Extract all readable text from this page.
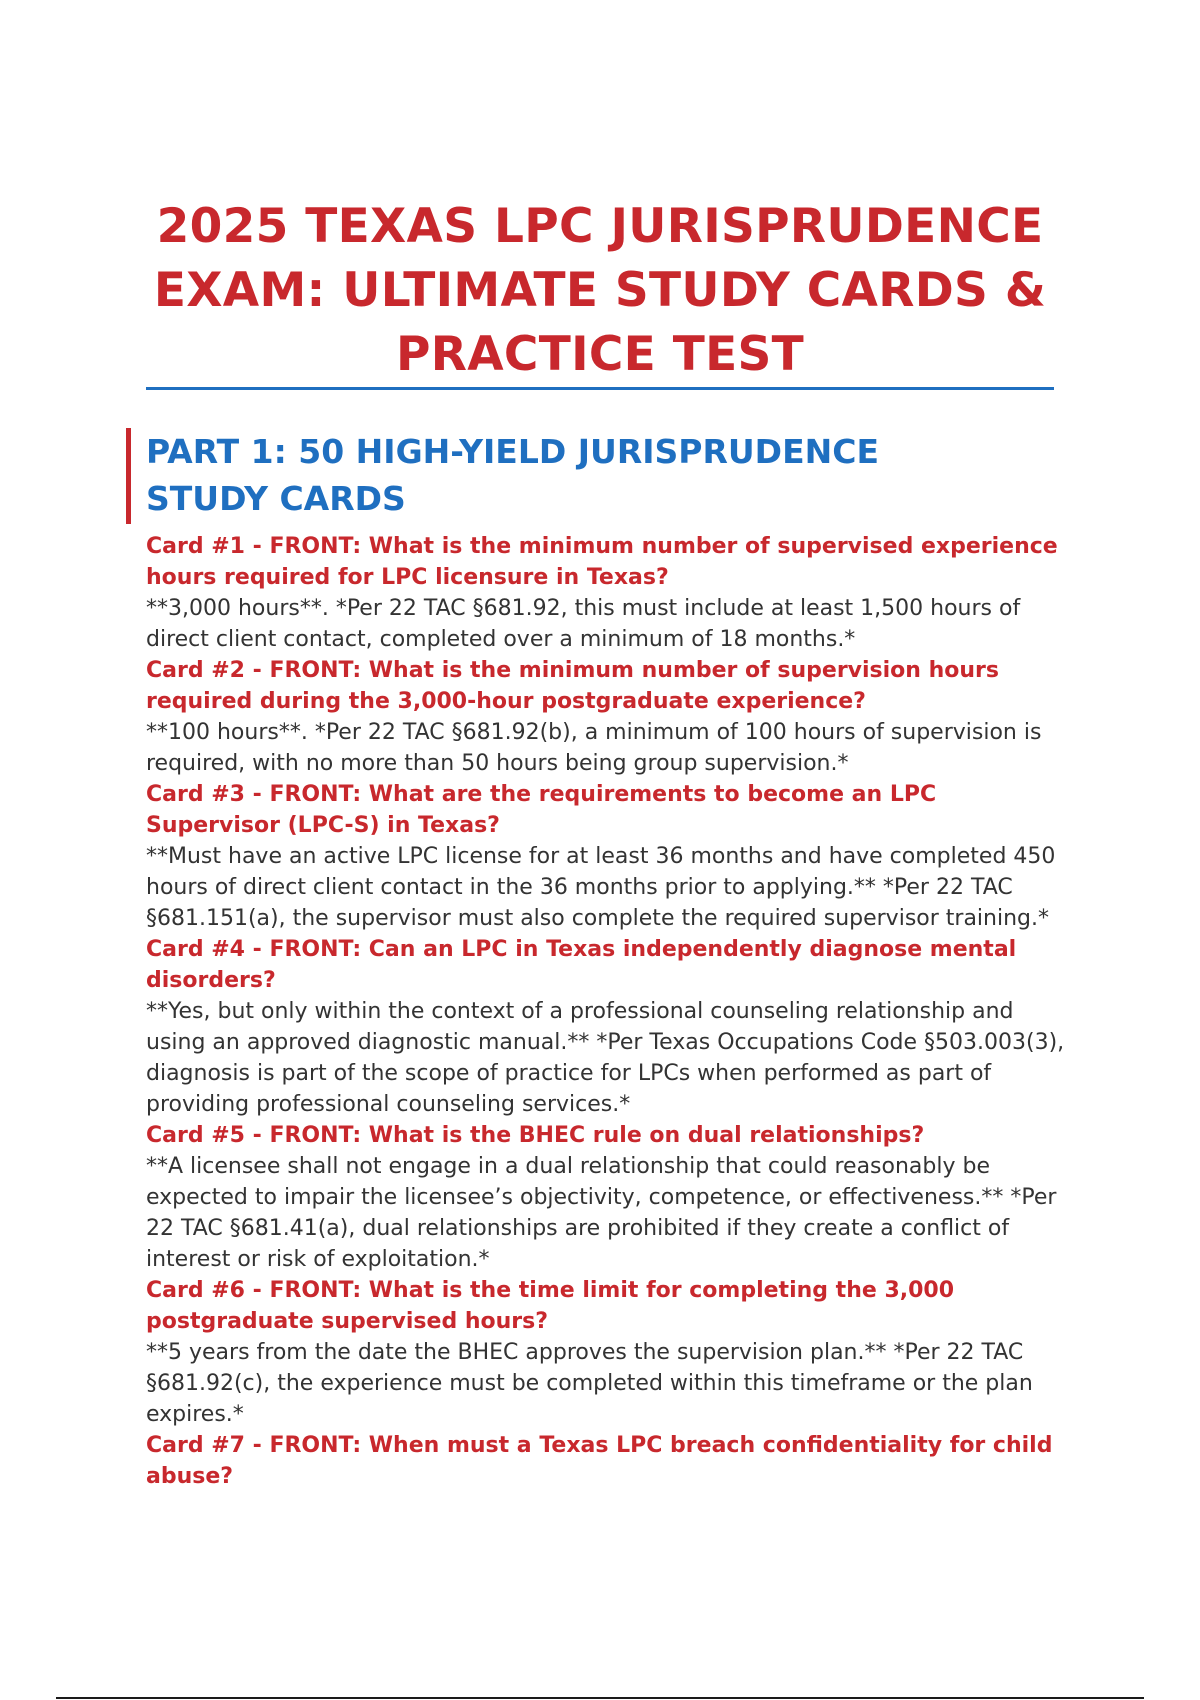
2025 TEXAS LPC JURISPRUDENCE EXAM: ULTIMATE STUDY CARDS & PRACTICE TEST
PART 1: 50 HIGH-YIELD JURISPRUDENCE STUDY CARDS

Card #1 - FRONT: What is the minimum number of supervised experience hours required for LPC licensure in Texas?

**3,000 hours**. *Per 22 TAC §681.92, this must include at least 1,500 hours of direct client contact, completed over a minimum of 18 months.*

Card #2 - FRONT: What is the minimum number of supervision hours required during the 3,000-hour postgraduate experience?

**100 hours**. *Per 22 TAC §681.92(b), a minimum of 100 hours of supervision is required, with no more than 50 hours being group supervision.*

Card #3 - FRONT: What are the requirements to become an LPC Supervisor (LPC-S) in Texas?

**Must have an active LPC license for at least 36 months and have completed 450 hours of direct client contact in the 36 months prior to applying.** *Per 22 TAC §681.151(a), the supervisor must also complete the required supervisor training.*

Card #4 - FRONT: Can an LPC in Texas independently diagnose mental disorders?

**Yes, but only within the context of a professional counseling relationship and using an approved diagnostic manual.** *Per Texas Occupations Code §503.003(3), diagnosis is part of the scope of practice for LPCs when performed as part of providing professional counseling services.*

Card #5 - FRONT: What is the BHEC rule on dual relationships?

**A licensee shall not engage in a dual relationship that could reasonably be expected to impair the licensee’s objectivity, competence, or effectiveness.** *Per 22 TAC §681.41(a), dual relationships are prohibited if they create a conflict of interest or risk of exploitation.*

Card #6 - FRONT: What is the time limit for completing the 3,000 postgraduate supervised hours?

**5 years from the date the BHEC approves the supervision plan.** *Per 22 TAC §681.92(c), the experience must be completed within this timeframe or the plan expires.*

Card #7 - FRONT: When must a Texas LPC breach confidentiality for child abuse?
